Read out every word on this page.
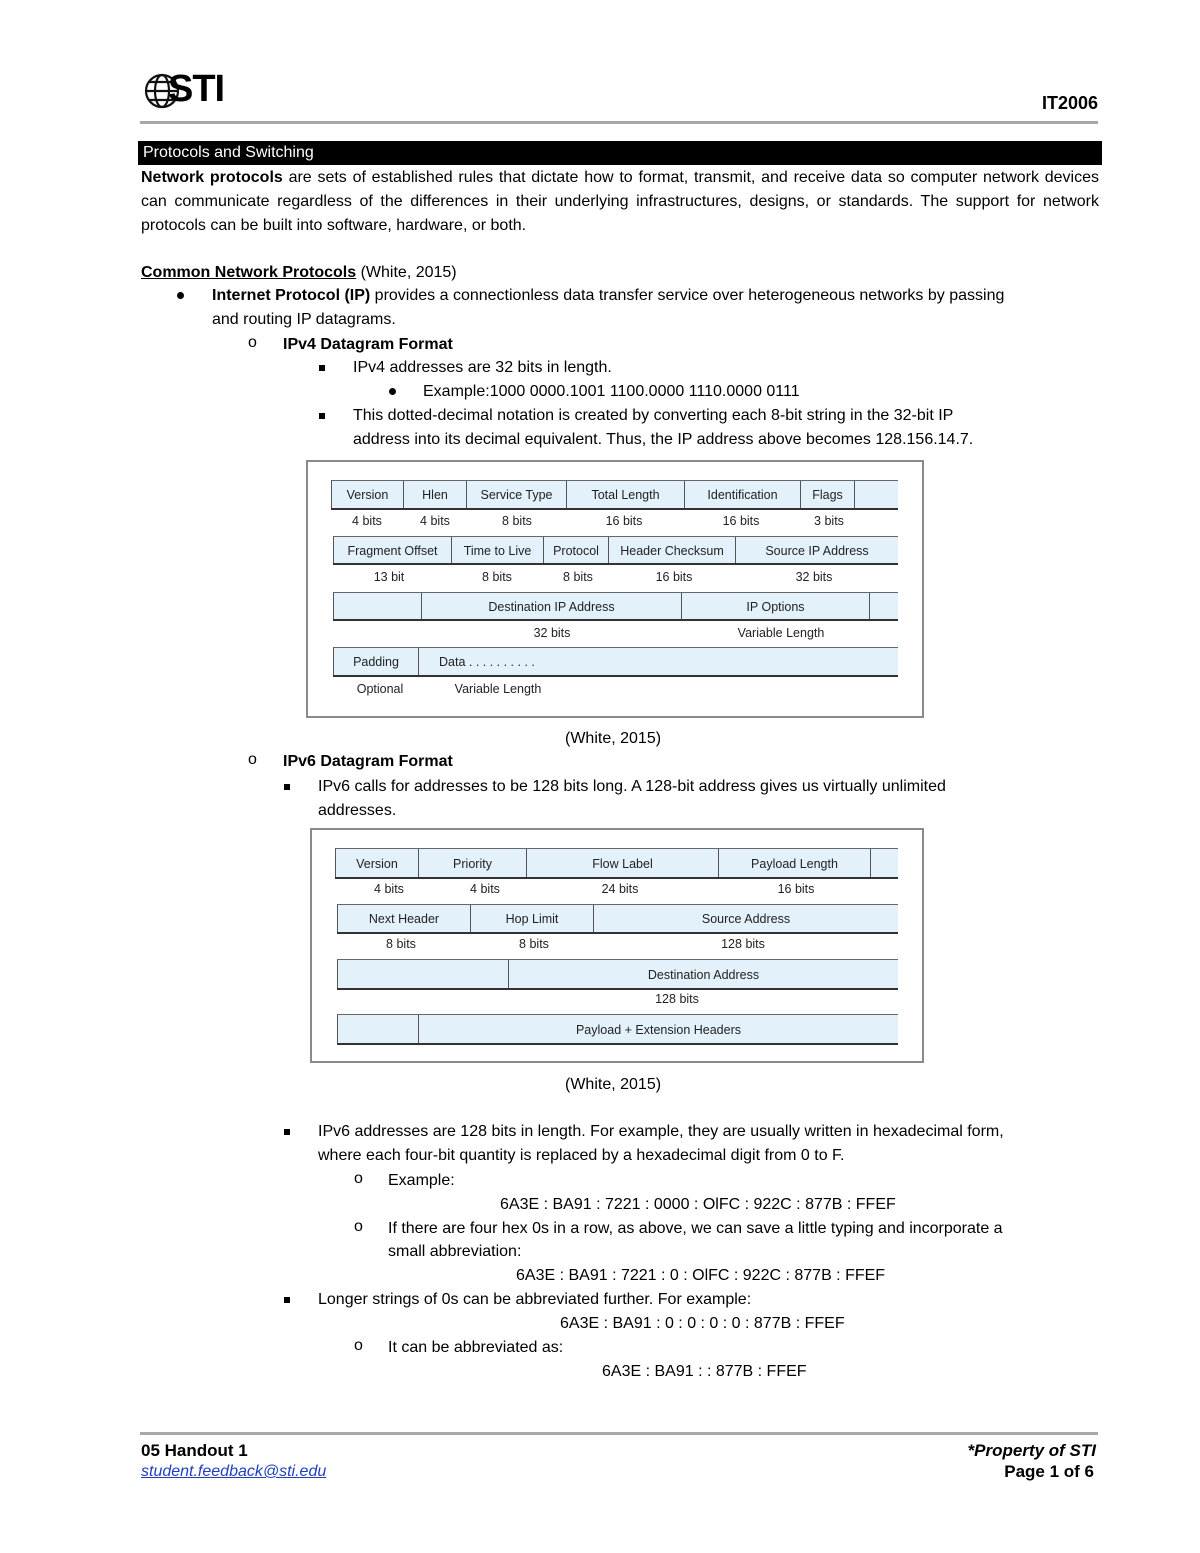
STI	IT2006
Protocols and Switching
Network protocols are sets of established rules that dictate how to format, transmit, and receive data so computer network devices can communicate regardless of the differences in their underlying infrastructures, designs, or standards. The support for network protocols can be built into software, hardware, or both.
Common Network Protocols (White, 2015)
Internet Protocol (IP) provides a connectionless data transfer service over heterogeneous networks by passing
and routing IP datagrams.
o IPv4 Datagram Format
IPv4 addresses are 32 bits in length.
Example:1000 0000.1001 1100.0000 1110.0000 0111
This dotted-decimal notation is created by converting each 8-bit string in the 32-bit IP
address into its decimal equivalent. Thus, the IP address above becomes 128.156.14.7.
Version	Hlen	Service Type	Total Length	Identification	Flags
4 bits	4 bits	8 bits	16 bits	16 bits	3 bits
Fragment Offset	Time to Live	Protocol	Header Checksum	Source IP Address
13 bit	8 bits	8 bits	16 bits	32 bits
Destination IP Address	IP Options
32 bits	Variable Length
Padding	Data . . . . . . . . . .
Optional	Variable Length
(White, 2015)
o IPv6 Datagram Format
IPv6 calls for addresses to be 128 bits long. A 128-bit address gives us virtually unlimited
addresses.
Version	Priority	Flow Label	Payload Length
4 bits	4 bits	24 bits	16 bits
Next Header	Hop Limit	Source Address
8 bits	8 bits	128 bits
Destination Address
128 bits
Payload + Extension Headers
(White, 2015)
IPv6 addresses are 128 bits in length. For example, they are usually written in hexadecimal form,
where each four-bit quantity is replaced by a hexadecimal digit from 0 to F.
o Example:
6A3E : BA91 : 7221 : 0000 : OlFC : 922C : 877B : FFEF
o If there are four hex 0s in a row, as above, we can save a little typing and incorporate a
small abbreviation:
6A3E : BA91 : 7221 : 0 : OlFC : 922C : 877B : FFEF
Longer strings of 0s can be abbreviated further. For example:
6A3E : BA91 : 0 : 0 : 0 : 0 : 877B : FFEF
o It can be abbreviated as:
6A3E : BA91 : : 877B : FFEF
05 Handout 1
student.feedback@sti.edu
*Property of STI
Page 1 of 6
